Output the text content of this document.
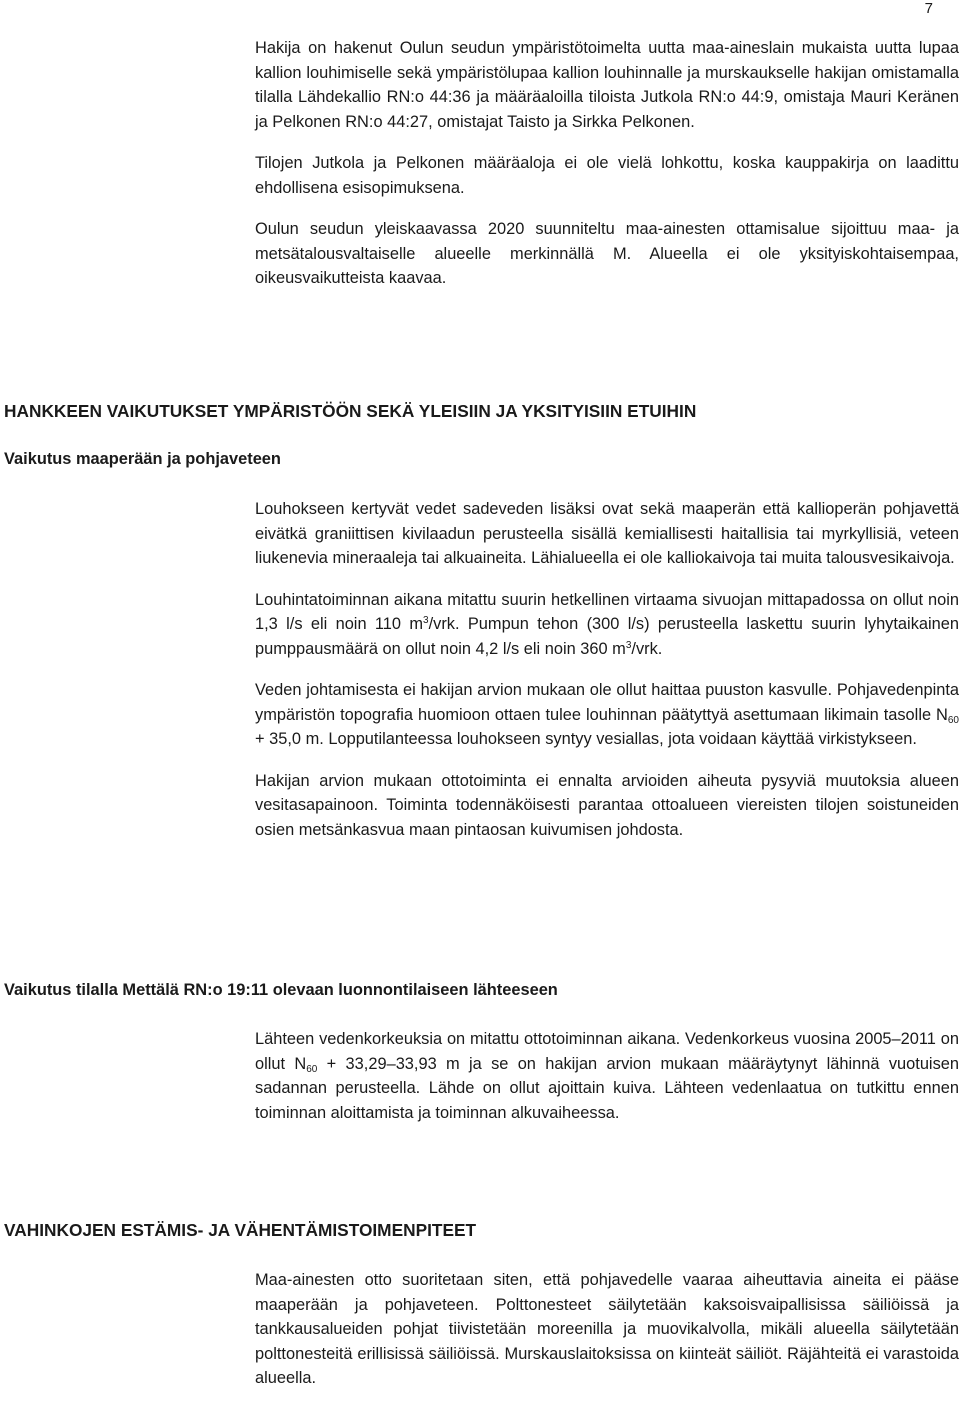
7

Hakija on hakenut Oulun seudun ympäristötoimelta uutta maa-aineslain mukaista uutta lupaa kallion louhimiselle sekä ympäristölupaa kallion louhinnalle ja murskaukselle hakijan omistamalla tilalla Lähdekallio RN:o 44:36 ja määräaloilla tiloista Jutkola RN:o 44:9, omistaja Mauri Keränen ja Pelkonen RN:o 44:27, omistajat Taisto ja Sirkka Pelkonen.

Tilojen Jutkola ja Pelkonen määräaloja ei ole vielä lohkottu, koska kauppakirja on laadittu ehdollisena esisopimuksena.

Oulun seudun yleiskaavassa 2020 suunniteltu maa-ainesten ottamisalue sijoittuu maa- ja metsätalousvaltaiselle alueelle merkinnällä M. Alueella ei ole yksityiskohtaisempaa, oikeusvaikutteista kaavaa.

HANKKEEN VAIKUTUKSET YMPÄRISTÖÖN SEKÄ YLEISIIN JA YKSITYISIIN ETUIHIN
Vaikutus maaperään ja pohjaveteen

Louhokseen kertyvät vedet sadeveden lisäksi ovat sekä maaperän että kallioperän pohjavettä eivätkä graniittisen kivilaadun perusteella sisällä kemiallisesti haitallisia tai myrkyllisiä, veteen liukenevia mineraaleja tai alkuaineita. Lähialueella ei ole kalliokaivoja tai muita talousvesikaivoja.

Louhintatoiminnan aikana mitattu suurin hetkellinen virtaama sivuojan mittapadossa on ollut noin 1,3 l/s eli noin 110 $m^3$/vrk. Pumpun tehon (300 l/s) perusteella laskettu suurin lyhytaikainen pumppausmäärä on ollut noin 4,2 l/s eli noin 360 $m^3$/vrk.

Veden johtamisesta ei hakijan arvion mukaan ole ollut haittaa puuston kasvulle. Pohjavedenpinta ympäristön topografia huomioon ottaen tulee louhinnan päätyttyä asettumaan likimain tasolle $N_{60} + 35,0$ m. Lopputilanteessa louhokseen syntyy vesiallas, jota voidaan käyttää virkistykseen.

Hakijan arvion mukaan ottotoiminta ei ennalta arvioiden aiheuta pysyviä muutoksia alueen vesitasapainoon. Toiminta todennäköisesti parantaa ottoalueen viereisten tilojen soistuneiden osien metsänkasvua maan pintaosan kuivumisen johdosta.

Vaikutus tilalla Mettälä RN:o 19:11 olevaan luonnontilaiseen lähteeseen

Lähteen vedenkorkeuksia on mitattu ottotoiminnan aikana. Vedenkorkeus vuosina 2005–2011 on ollut $N_{60} + 33,29-33,93$ m ja se on hakijan arvion mukaan määräytynyt lähinnä vuotuisen sadannan perusteella. Lähde on ollut ajoittain kuiva. Lähteen vedenlaatua on tutkittu ennen toiminnan aloittamista ja toiminnan alkuvaiheessa.

VAHINKOJEN ESTÄMIS- JA VÄHENTÄMISTOIMENPITEET

Maa-ainesten otto suoritetaan siten, että pohjavedelle vaaraa aiheuttavia aineita ei pääse maaperään ja pohjaveteen. Polttonesteet säilytetään kaksoisvaipallisissa säiliöissä ja tankkausalueiden pohjat tiivistetään moreenilla ja muovikalvolla, mikäli alueella säilytetään polttonesteitä erillisissä säiliöissä. Murskauslaitoksissa on kiinteät säiliöt. Räjähteitä ei varastoida alueella.
